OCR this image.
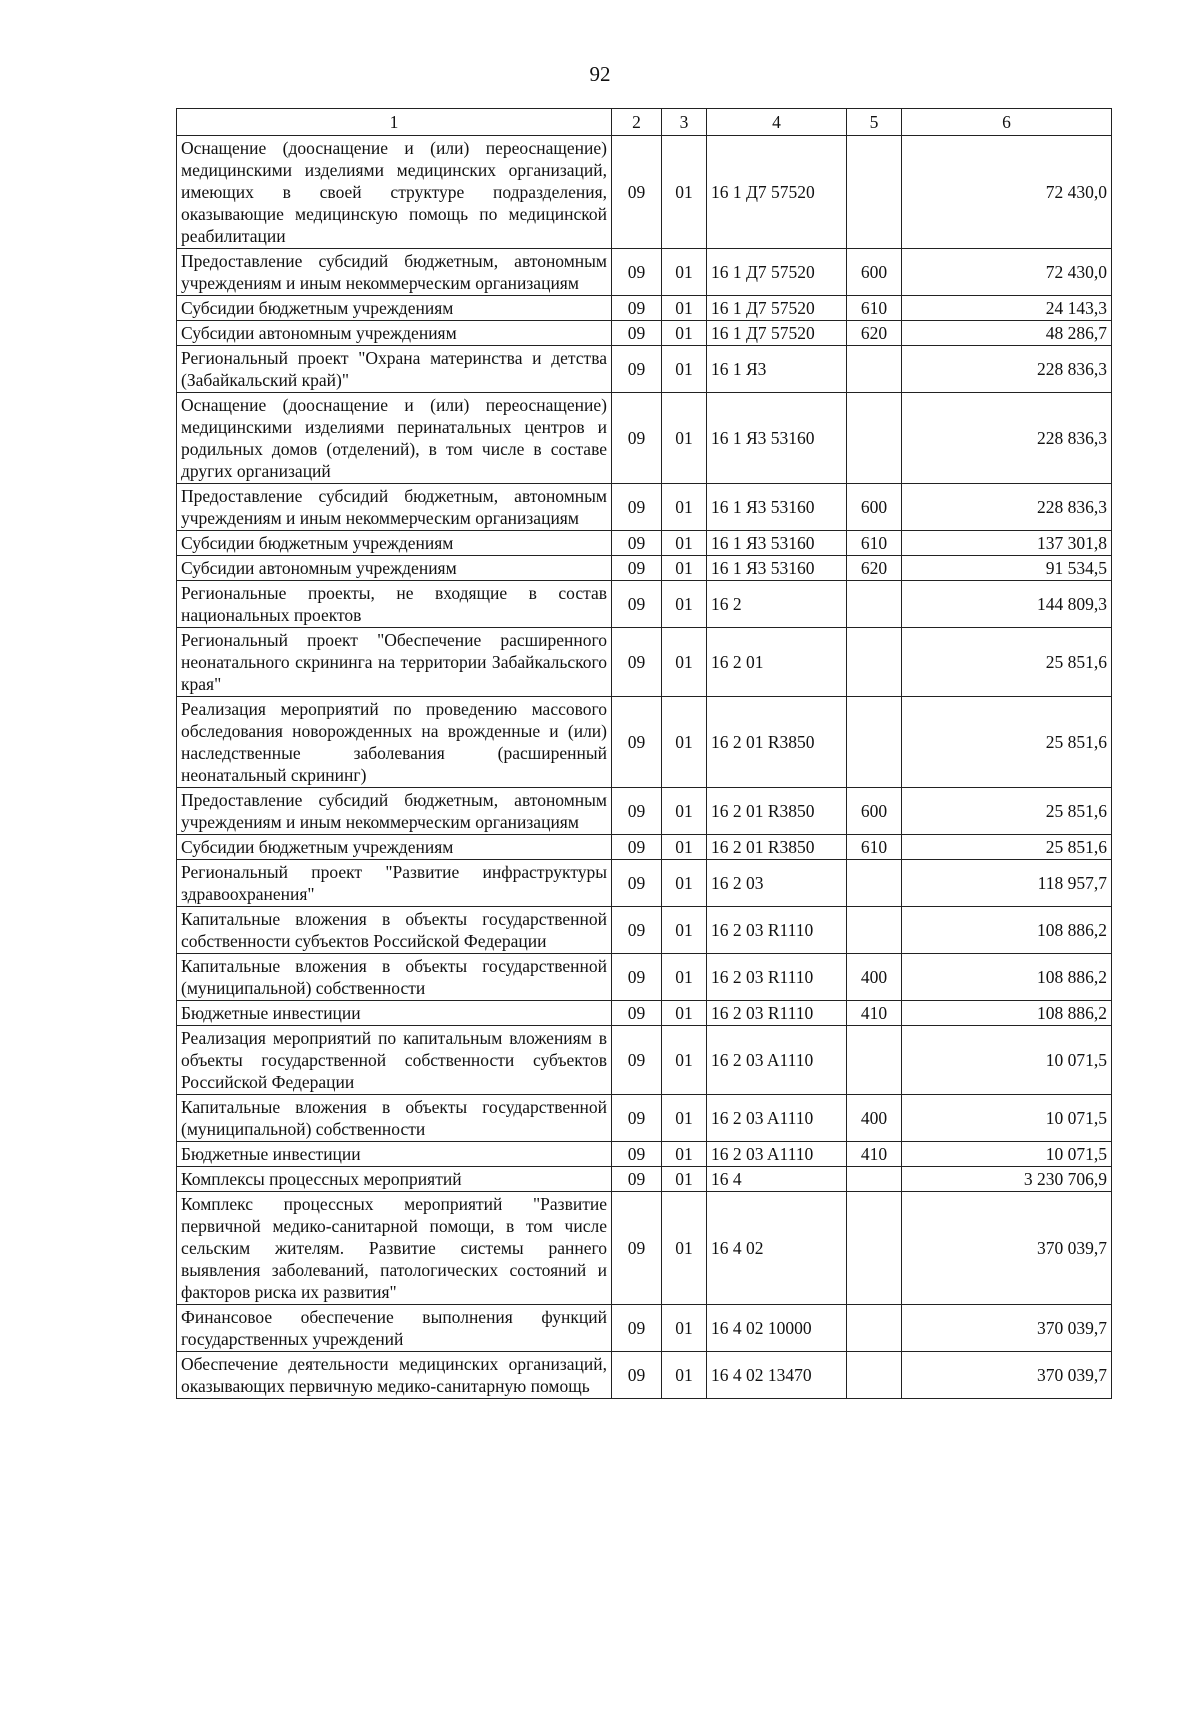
92
1	2	3	4	5	6
Оснащение (дооснащение и (или) переоснащение) медицинскими изделиями медицинских организаций, имеющих в своей структуре подразделения, оказывающие медицинскую помощь по медицинской реабилитации	09	01	16 1 Д7 57520		72 430,0
Предоставление субсидий бюджетным, автономным учреждениям и иным некоммерческим организациям	09	01	16 1 Д7 57520	600	72 430,0
Субсидии бюджетным учреждениям	09	01	16 1 Д7 57520	610	24 143,3
Субсидии автономным учреждениям	09	01	16 1 Д7 57520	620	48 286,7
Региональный проект "Охрана материнства и детства (Забайкальский край)"	09	01	16 1 Я3		228 836,3
Оснащение (дооснащение и (или) переоснащение) медицинскими изделиями перинатальных центров и родильных домов (отделений), в том числе в составе других организаций	09	01	16 1 Я3 53160		228 836,3
Предоставление субсидий бюджетным, автономным учреждениям и иным некоммерческим организациям	09	01	16 1 Я3 53160	600	228 836,3
Субсидии бюджетным учреждениям	09	01	16 1 Я3 53160	610	137 301,8
Субсидии автономным учреждениям	09	01	16 1 Я3 53160	620	91 534,5
Региональные проекты, не входящие в состав национальных проектов	09	01	16 2		144 809,3
Региональный проект "Обеспечение расширенного неонатального скрининга на территории Забайкальского края"	09	01	16 2 01		25 851,6
Реализация мероприятий по проведению массового обследования новорожденных на врожденные и (или) наследственные заболевания (расширенный неонатальный скрининг)	09	01	16 2 01 R3850		25 851,6
Предоставление субсидий бюджетным, автономным учреждениям и иным некоммерческим организациям	09	01	16 2 01 R3850	600	25 851,6
Субсидии бюджетным учреждениям	09	01	16 2 01 R3850	610	25 851,6
Региональный проект "Развитие инфраструктуры здравоохранения"	09	01	16 2 03		118 957,7
Капитальные вложения в объекты государственной собственности субъектов Российской Федерации	09	01	16 2 03 R1110		108 886,2
Капитальные вложения в объекты государственной (муниципальной) собственности	09	01	16 2 03 R1110	400	108 886,2
Бюджетные инвестиции	09	01	16 2 03 R1110	410	108 886,2
Реализация мероприятий по капитальным вложениям в объекты государственной собственности субъектов Российской Федерации	09	01	16 2 03 A1110		10 071,5
Капитальные вложения в объекты государственной (муниципальной) собственности	09	01	16 2 03 A1110	400	10 071,5
Бюджетные инвестиции	09	01	16 2 03 A1110	410	10 071,5
Комплексы процессных мероприятий	09	01	16 4		3 230 706,9
Комплекс процессных мероприятий "Развитие первичной медико-санитарной помощи, в том числе сельским жителям. Развитие системы раннего выявления заболеваний, патологических состояний и факторов риска их развития"	09	01	16 4 02		370 039,7
Финансовое обеспечение выполнения функций государственных учреждений	09	01	16 4 02 10000		370 039,7
Обеспечение деятельности медицинских организаций, оказывающих первичную медико-санитарную помощь	09	01	16 4 02 13470		370 039,7
